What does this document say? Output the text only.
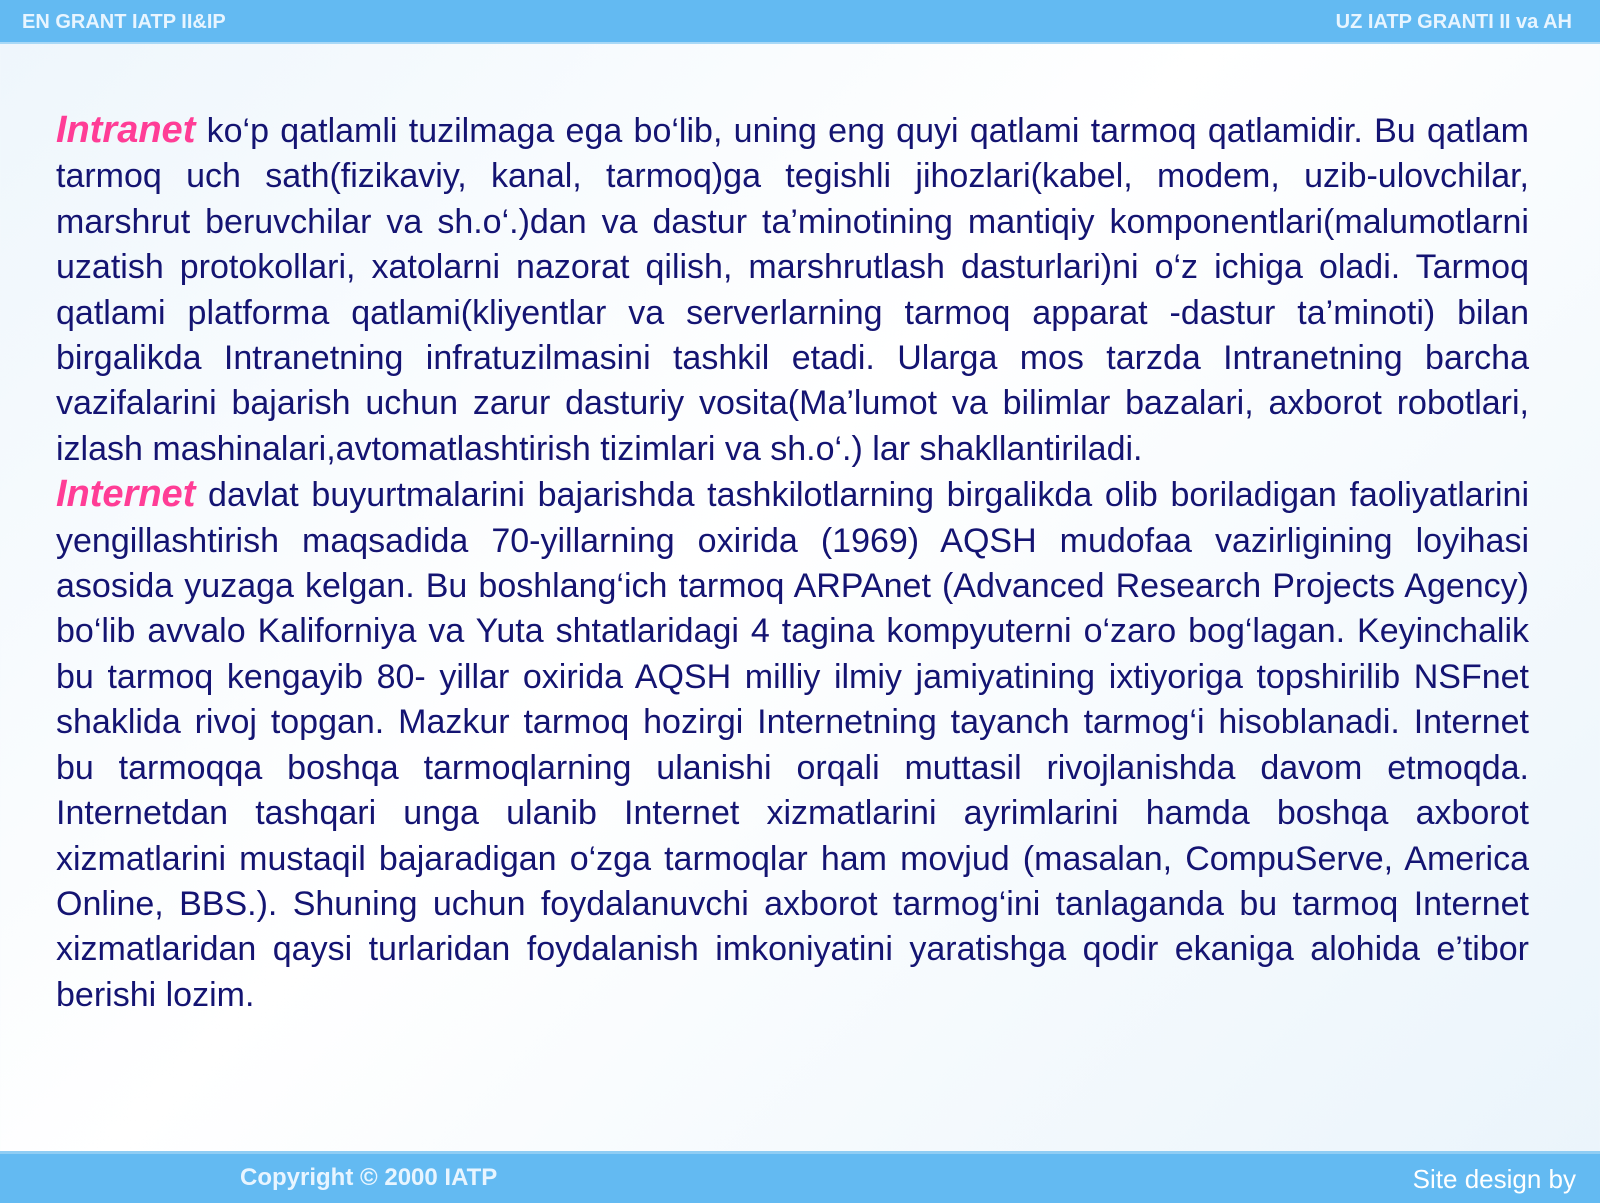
EN GRANT IATP II&IP	UZ IATP GRANTI II va AH

Intranet ko‘p qatlamli tuzilmaga ega bo‘lib, uning eng quyi qatlami tarmoq qatlamidir. Bu qatlam tarmoq uch sath(fizikaviy, kanal, tarmoq)ga tegishli jihozlari(kabel, modem, uzib-ulovchilar, marshrut beruvchilar va sh.o‘.)dan va dastur ta’minotining mantiqiy komponentlari(malumotlarni uzatish protokollari, xatolarni nazorat qilish, marshrutlash dasturlari)ni o‘z ichiga oladi. Tarmoq qatlami platforma qatlami(kliyentlar va serverlarning tarmoq apparat -dastur ta’minoti) bilan birgalikda Intranetning infratuzilmasini tashkil etadi. Ularga mos tarzda Intranetning barcha vazifalarini bajarish uchun zarur dasturiy vosita(Ma’lumot va bilimlar bazalari, axborot robotlari, izlash mashinalari,avtomatlashtirish tizimlari va sh.o‘.) lar shakllantiriladi.

Internet davlat buyurtmalarini bajarishda tashkilotlarning birgalikda olib boriladigan faoliyatlarini yengillashtirish maqsadida 70-yillarning oxirida (1969) AQSH mudofaa vazirligining loyihasi asosida yuzaga kelgan. Bu boshlang‘ich tarmoq ARPAnet (Advanced Research Projects Agency) bo‘lib avvalo Kaliforniya va Yuta shtatlaridagi 4 tagina kompyuterni o‘zaro bog‘lagan. Keyinchalik bu tarmoq kengayib 80- yillar oxirida AQSH milliy ilmiy jamiyatining ixtiyoriga topshirilib NSFnet shaklida rivoj topgan. Mazkur tarmoq hozirgi Internetning tayanch tarmog‘i hisoblanadi. Internet bu tarmoqqa boshqa tarmoqlarning ulanishi orqali muttasil rivojlanishda davom etmoqda. Internetdan tashqari unga ulanib Internet xizmatlarini ayrimlarini hamda boshqa axborot xizmatlarini mustaqil bajaradigan o‘zga tarmoqlar ham movjud (masalan, CompuServe, America Online, BBS.). Shuning uchun foydalanuvchi axborot tarmog‘ini tanlaganda bu tarmoq Internet xizmatlaridan qaysi turlaridan foydalanish imkoniyatini yaratishga qodir ekaniga alohida e’tibor berishi lozim.

Copyright © 2000 IATP	Site design by
